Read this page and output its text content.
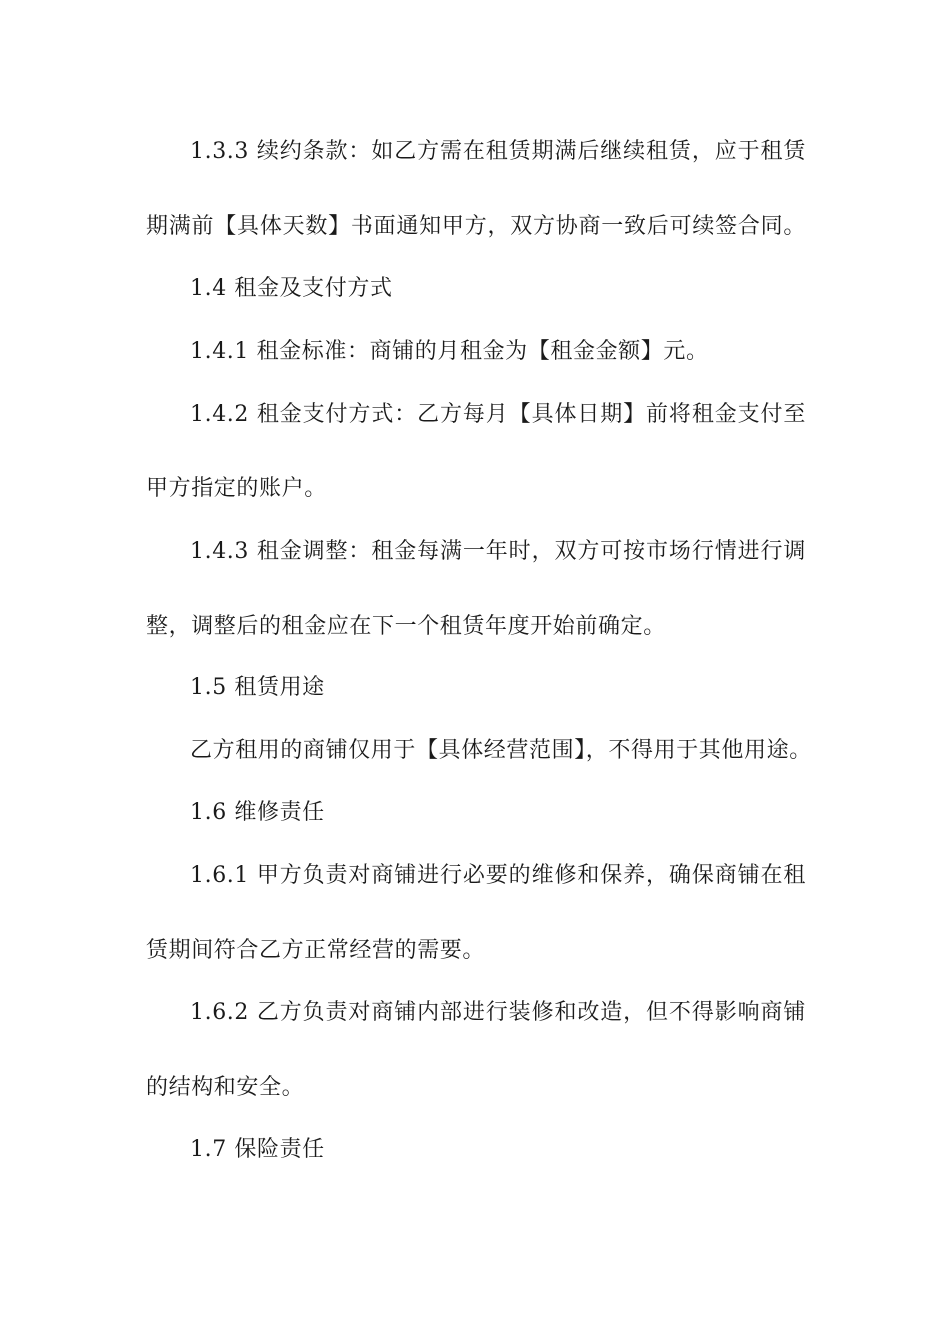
1.3.3 续约条款：如乙方需在租赁期满后继续租赁，应于租赁
期满前【具体天数】书面通知甲方，双方协商一致后可续签合同。
1.4 租金及支付方式
1.4.1 租金标准：商铺的月租金为【租金金额】元。
1.4.2 租金支付方式：乙方每月【具体日期】前将租金支付至
甲方指定的账户。
1.4.3 租金调整：租金每满一年时，双方可按市场行情进行调
整，调整后的租金应在下一个租赁年度开始前确定。
1.5 租赁用途
乙方租用的商铺仅用于【具体经营范围】，不得用于其他用途。
1.6 维修责任
1.6.1 甲方负责对商铺进行必要的维修和保养，确保商铺在租
赁期间符合乙方正常经营的需要。
1.6.2 乙方负责对商铺内部进行装修和改造，但不得影响商铺
的结构和安全。
1.7 保险责任
